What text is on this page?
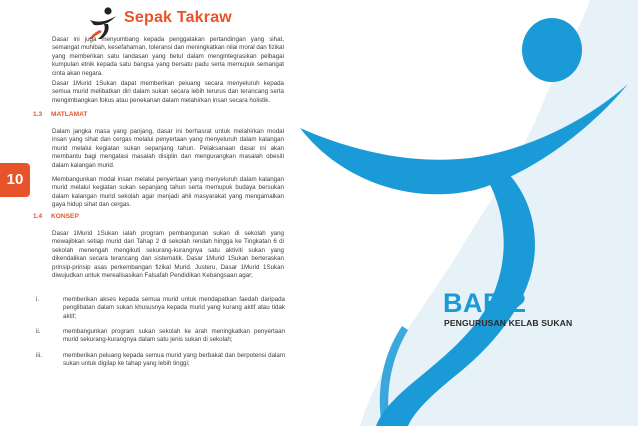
Sepak Takraw
10
Dasar ini juga menyumbang kepada penggalakan pertandingan yang sihat, semangat muhibah, kesefahaman, toleransi dan meningkatkan nilai moral dan fizikal yang memberikan satu landasan yang betul dalam mengintegrasikan pelbagai kumpulan etnik kepada satu bangsa yang bersatu padu serta memupuk semangat cinta akan negara.
Dasar 1Murid 1Sukan dapat memberikan peluang secara menyeluruh kepada semua murid melibatkan diri dalam sukan secara lebih terurus dan terancang serta mengimbangkan fokus atau penekanan dalam melahirkan insan secara holistik.
1.3 MATLAMAT
Dalam jangka masa yang panjang, dasar ini berhasrat untuk melahirkan modal insan yang sihat dan cergas melalui penyertaan yang menyeluruh dalam kalangan murid melalui kegiatan sukan sepanjang tahun. Pelaksanaan dasar ini akan membantu bagi mengatasi masalah disiplin dan mengurangkan masalah obesiti dalam kalangan murid.
Membangunkan modal insan melalui penyertaan yang menyeluruh dalam kalangan murid melalui kegiatan sukan sepanjang tahun serta memupuk budaya bersukan dalam kalangan murid sekolah agar menjadi ahli masyarakat yang mengamalkan gaya hidup sihat dan cergas.
1.4 KONSEP
Dasar 1Murid 1Sukan ialah program pembangunan sukan di sekolah yang mewajibkan setiap murid dari Tahap 2 di sekolah rendah hingga ke Tingkatan 6 di sekolah menengah mengikuti sekurang-kurangnya satu aktiviti sukan yang dikendalikan secara terancang dan sistematik. Dasar 1Murid 1Sukan berteraskan prinsip-prinsip asas perkembangan fizikal Murid. Justeru, Dasar 1Murid 1Sukan diwujudkan untuk merealisasikan Falsafah Pendidikan Kebangsaan agar;
i.	memberikan akses kepada semua murid untuk mendapatkan faedah daripada penglibatan dalam sukan khususnya kepada murid yang kurang aktif atau tidak aktif;
ii.	membangunkan program sukan sekolah ke arah meningkatkan penyertaan murid sekurang-kurangnya dalam satu jenis sukan di sekolah;
iii.	memberikan peluang kepada semua murid yang berbakat dan berpotensi dalam sukan untuk digilap ke tahap yang lebih tinggi;
BAB 2
PENGURUSAN KELAB SUKAN
